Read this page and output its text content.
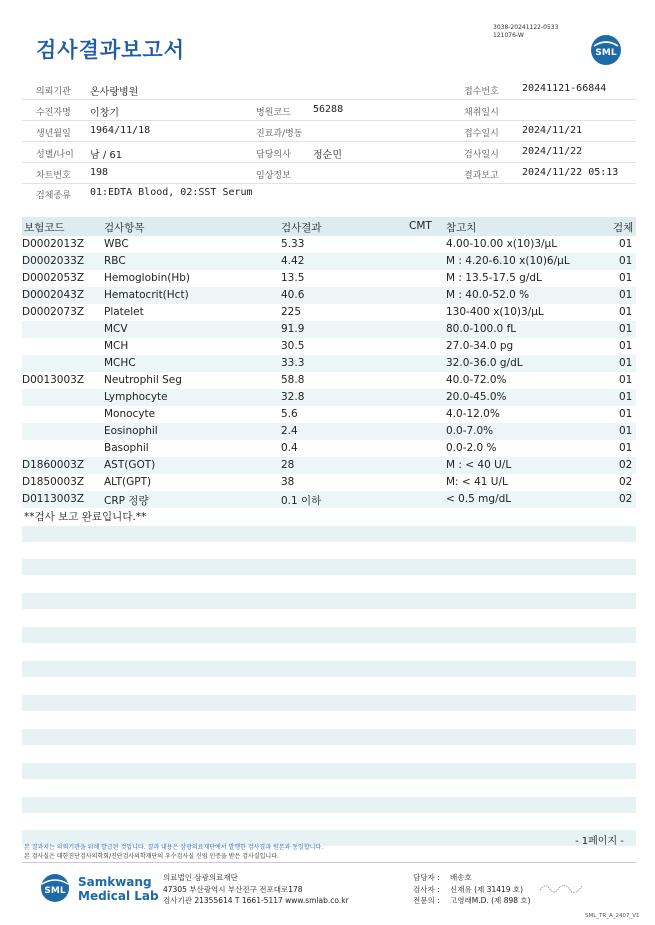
검사결과보고서
3038-20241122-0533
121076-W
SML
의뢰기관 온사랑병원	접수번호 20241121-66844
수진자명 이창기	병원코드 56288	채취일시
생년월일 1964/11/18	진료과/병동	접수일시 2024/11/21
성별/나이 남 / 61	담당의사 정순민	검사일시 2024/11/22
차트번호 198	임상정보	결과보고 2024/11/22 05:13
검체종류 01:EDTA Blood, 02:SST Serum
보험코드	검사항목	검사결과	CMT 참고치	검체
D0002013Z WBC	5.33	4.00-10.00 x(10)3/μL	01
D0002033Z RBC	4.42	M : 4.20-6.10 x(10)6/μL	01
D0002053Z Hemoglobin(Hb)	13.5	M : 13.5-17.5 g/dL	01
D0002043Z Hematocrit(Hct)	40.6	M : 40.0-52.0 %	01
D0002073Z Platelet	225	130-400 x(10)3/μL	01
MCV	91.9	80.0-100.0 fL	01
MCH	30.5	27.0-34.0 pg	01
MCHC	33.3	32.0-36.0 g/dL	01
D0013003Z Neutrophil Seg	58.8	40.0-72.0%	01
Lymphocyte	32.8	20.0-45.0%	01
Monocyte	5.6	4.0-12.0%	01
Eosinophil	2.4	0.0-7.0%	01
Basophil	0.4	0.0-2.0 %	01
D1860003Z AST(GOT)	28	M : < 40 U/L	02
D1850003Z ALT(GPT)	38	M: < 41 U/L	02
D0113003Z CRP 정량	0.1 이하	< 0.5 mg/dL	02
**검사 보고 완료입니다.**
본 결과지는 의뢰기관을 위해 발급된 것입니다. 결과 내용은 삼광의료재단에서 발행한 검사결과 원본과 동일합니다.
본 검사실은 대한진단검사의학회/진단검사의학재단의 우수검사실 신임 인증을 받은 검사실입니다.
- 1페이지 -
SML
Samkwang
Medical Lab
의료법인 삼광의료재단
47305 부산광역시 부산진구 전포대로178
검사기관 21355614 T 1661-5117 www.smlab.co.kr
담당자 : 배송호
검사자 : 신재유 (제 31419 호)
전문의 : 고영래M.D. (제 898 호)
SML_TR_A_2407_V1
